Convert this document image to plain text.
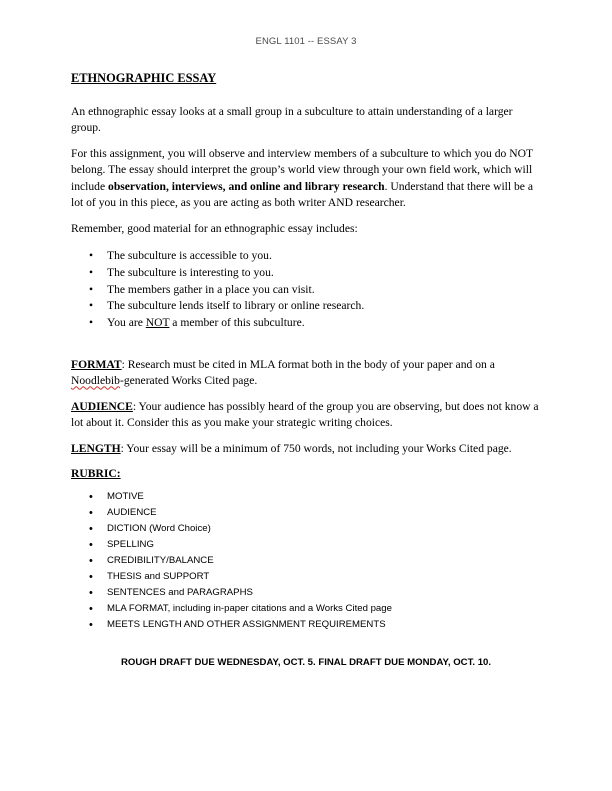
ENGL 1101 -- ESSAY 3
ETHNOGRAPHIC ESSAY

An ethnographic essay looks at a small group in a subculture to attain understanding of a larger group.

For this assignment, you will observe and interview members of a subculture to which you do NOT belong. The essay should interpret the group’s world view through your own field work, which will include observation, interviews, and online and library research. Understand that there will be a lot of you in this piece, as you are acting as both writer AND researcher.

Remember, good material for an ethnographic essay includes:

• The subculture is accessible to you.
• The subculture is interesting to you.
• The members gather in a place you can visit.
• The subculture lends itself to library or online research.
• You are NOT a member of this subculture.

FORMAT: Research must be cited in MLA format both in the body of your paper and on a Noodlebib-generated Works Cited page.

AUDIENCE: Your audience has possibly heard of the group you are observing, but does not know a lot about it. Consider this as you make your strategic writing choices.

LENGTH: Your essay will be a minimum of 750 words, not including your Works Cited page.

RUBRIC:
• MOTIVE
• AUDIENCE
• DICTION (Word Choice)
• SPELLING
• CREDIBILITY/BALANCE
• THESIS and SUPPORT
• SENTENCES and PARAGRAPHS
• MLA FORMAT, including in-paper citations and a Works Cited page
• MEETS LENGTH AND OTHER ASSIGNMENT REQUIREMENTS
ROUGH DRAFT DUE WEDNESDAY, OCT. 5. FINAL DRAFT DUE MONDAY, OCT. 10.
